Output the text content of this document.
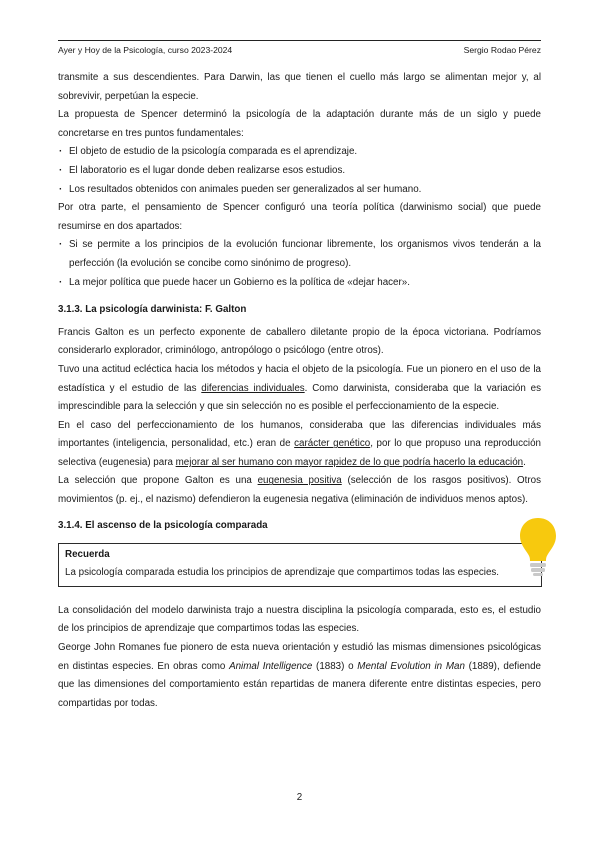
Ayer y Hoy de la Psicología, curso 2023-2024	Sergio Rodao Pérez

transmite a sus descendientes. Para Darwin, las que tienen el cuello más largo se alimentan mejor y, al sobrevivir, perpetúan la especie.

La propuesta de Spencer determinó la psicología de la adaptación durante más de un siglo y puede concretarse en tres puntos fundamentales:

· El objeto de estudio de la psicología comparada es el aprendizaje.
· El laboratorio es el lugar donde deben realizarse esos estudios.
· Los resultados obtenidos con animales pueden ser generalizados al ser humano.

Por otra parte, el pensamiento de Spencer configuró una teoría política (darwinismo social) que puede resumirse en dos apartados:

· Si se permite a los principios de la evolución funcionar libremente, los organismos vivos tenderán a la perfección (la evolución se concibe como sinónimo de progreso).
· La mejor política que puede hacer un Gobierno es la política de «dejar hacer».

3.1.3. La psicología darwinista: F. Galton

Francis Galton es un perfecto exponente de caballero diletante propio de la época victoriana. Podríamos considerarlo explorador, criminólogo, antropólogo o psicólogo (entre otros).

Tuvo una actitud ecléctica hacia los métodos y hacia el objeto de la psicología. Fue un pionero en el uso de la estadística y el estudio de las diferencias individuales. Como darwinista, consideraba que la variación es imprescindible para la selección y que sin selección no es posible el perfeccionamiento de la especie.

En el caso del perfeccionamiento de los humanos, consideraba que las diferencias individuales más importantes (inteligencia, personalidad, etc.) eran de carácter genético, por lo que propuso una reproducción selectiva (eugenesia) para mejorar al ser humano con mayor rapidez de lo que podría hacerlo la educación.

La selección que propone Galton es una eugenesia positiva (selección de los rasgos positivos). Otros movimientos (p. ej., el nazismo) defendieron la eugenesia negativa (eliminación de individuos menos aptos).

3.1.4. El ascenso de la psicología comparada

Recuerda
La psicología comparada estudia los principios de aprendizaje que compartimos todas las especies.

La consolidación del modelo darwinista trajo a nuestra disciplina la psicología comparada, esto es, el estudio de los principios de aprendizaje que compartimos todas las especies.

George John Romanes fue pionero de esta nueva orientación y estudió las mismas dimensiones psicológicas en distintas especies. En obras como Animal Intelligence (1883) o Mental Evolution in Man (1889), defiende que las dimensiones del comportamiento están repartidas de manera diferente entre distintas especies, pero compartidas por todas.

2
